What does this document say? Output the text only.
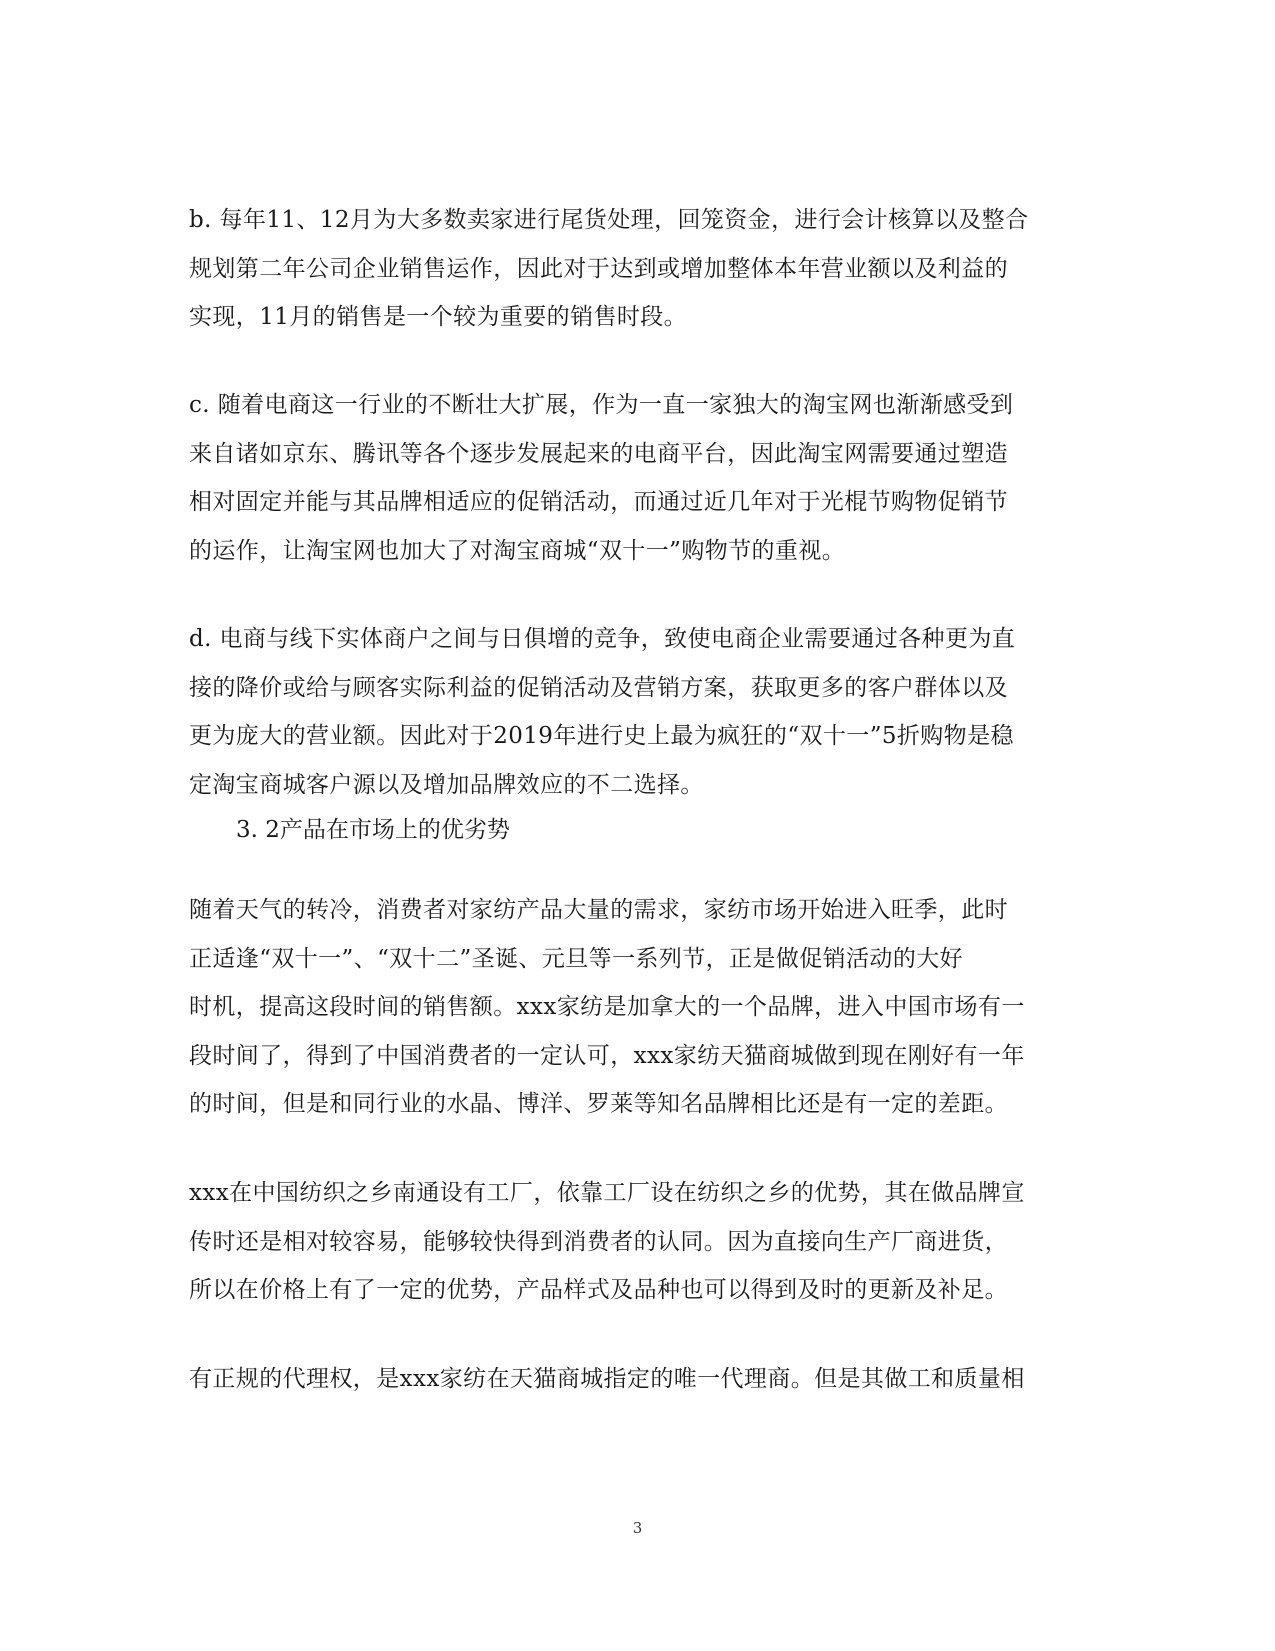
b. 每年11、12月为大多数卖家进行尾货处理，回笼资金，进行会计核算以及整合
规划第二年公司企业销售运作，因此对于达到或增加整体本年营业额以及利益的
实现，11月的销售是一个较为重要的销售时段。

c. 随着电商这一行业的不断壮大扩展，作为一直一家独大的淘宝网也渐渐感受到
来自诸如京东、腾讯等各个逐步发展起来的电商平台，因此淘宝网需要通过塑造
相对固定并能与其品牌相适应的促销活动，而通过近几年对于光棍节购物促销节
的运作，让淘宝网也加大了对淘宝商城“双十一”购物节的重视。

d. 电商与线下实体商户之间与日俱增的竞争，致使电商企业需要通过各种更为直
接的降价或给与顾客实际利益的促销活动及营销方案，获取更多的客户群体以及
更为庞大的营业额。因此对于2019年进行史上最为疯狂的“双十一”5折购物是稳
定淘宝商城客户源以及增加品牌效应的不二选择。

3. 2产品在市场上的优劣势

随着天气的转冷，消费者对家纺产品大量的需求，家纺市场开始进入旺季，此时
正适逢“双十一”、“双十二”圣诞、元旦等一系列节，正是做促销活动的大好
时机，提高这段时间的销售额。xxx家纺是加拿大的一个品牌，进入中国市场有一
段时间了，得到了中国消费者的一定认可，xxx家纺天猫商城做到现在刚好有一年
的时间，但是和同行业的水晶、博洋、罗莱等知名品牌相比还是有一定的差距。

xxx在中国纺织之乡南通设有工厂，依靠工厂设在纺织之乡的优势，其在做品牌宣
传时还是相对较容易，能够较快得到消费者的认同。因为直接向生产厂商进货，
所以在价格上有了一定的优势，产品样式及品种也可以得到及时的更新及补足。

有正规的代理权，是xxx家纺在天猫商城指定的唯一代理商。但是其做工和质量相

3
